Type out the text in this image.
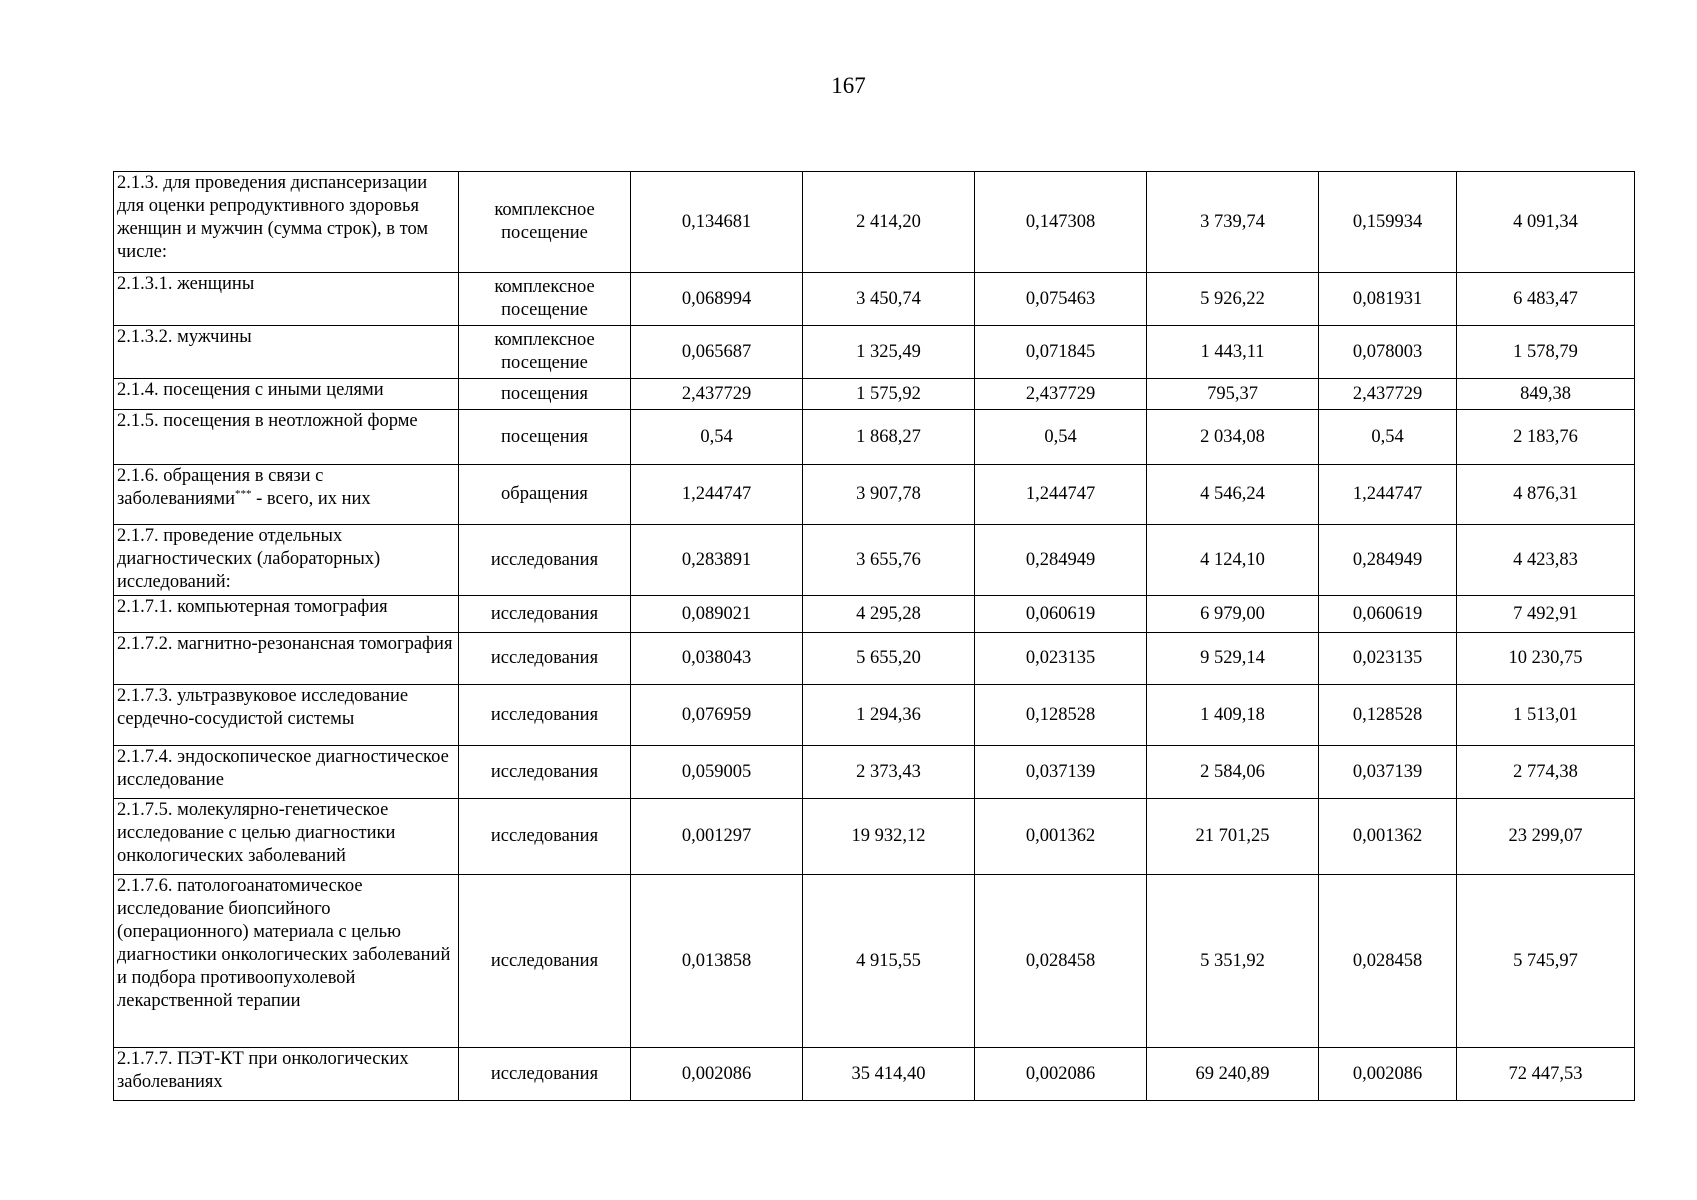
167
2.1.3. для проведения диспансеризации для оценки репродуктивного здоровья женщин и мужчин (сумма строк), в том числе:	комплексное посещение	0,134681	2 414,20	0,147308	3 739,74	0,159934	4 091,34
2.1.3.1. женщины	комплексное посещение	0,068994	3 450,74	0,075463	5 926,22	0,081931	6 483,47
2.1.3.2. мужчины	комплексное посещение	0,065687	1 325,49	0,071845	1 443,11	0,078003	1 578,79
2.1.4. посещения с иными целями	посещения	2,437729	1 575,92	2,437729	795,37	2,437729	849,38
2.1.5. посещения в неотложной форме	посещения	0,54	1 868,27	0,54	2 034,08	0,54	2 183,76
2.1.6. обращения в связи с заболеваниями*** - всего, их них	обращения	1,244747	3 907,78	1,244747	4 546,24	1,244747	4 876,31
2.1.7. проведение отдельных диагностических (лабораторных) исследований:	исследования	0,283891	3 655,76	0,284949	4 124,10	0,284949	4 423,83
2.1.7.1. компьютерная томография	исследования	0,089021	4 295,28	0,060619	6 979,00	0,060619	7 492,91
2.1.7.2. магнитно-резонансная томография	исследования	0,038043	5 655,20	0,023135	9 529,14	0,023135	10 230,75
2.1.7.3. ультразвуковое исследование сердечно-сосудистой системы	исследования	0,076959	1 294,36	0,128528	1 409,18	0,128528	1 513,01
2.1.7.4. эндоскопическое диагностическое исследование	исследования	0,059005	2 373,43	0,037139	2 584,06	0,037139	2 774,38
2.1.7.5. молекулярно-генетическое исследование с целью диагностики онкологических заболеваний	исследования	0,001297	19 932,12	0,001362	21 701,25	0,001362	23 299,07
2.1.7.6. патологоанатомическое исследование биопсийного (операционного) материала с целью диагностики онкологических заболеваний и подбора противоопухолевой лекарственной терапии	исследования	0,013858	4 915,55	0,028458	5 351,92	0,028458	5 745,97
2.1.7.7. ПЭТ-КТ при онкологических заболеваниях	исследования	0,002086	35 414,40	0,002086	69 240,89	0,002086	72 447,53
